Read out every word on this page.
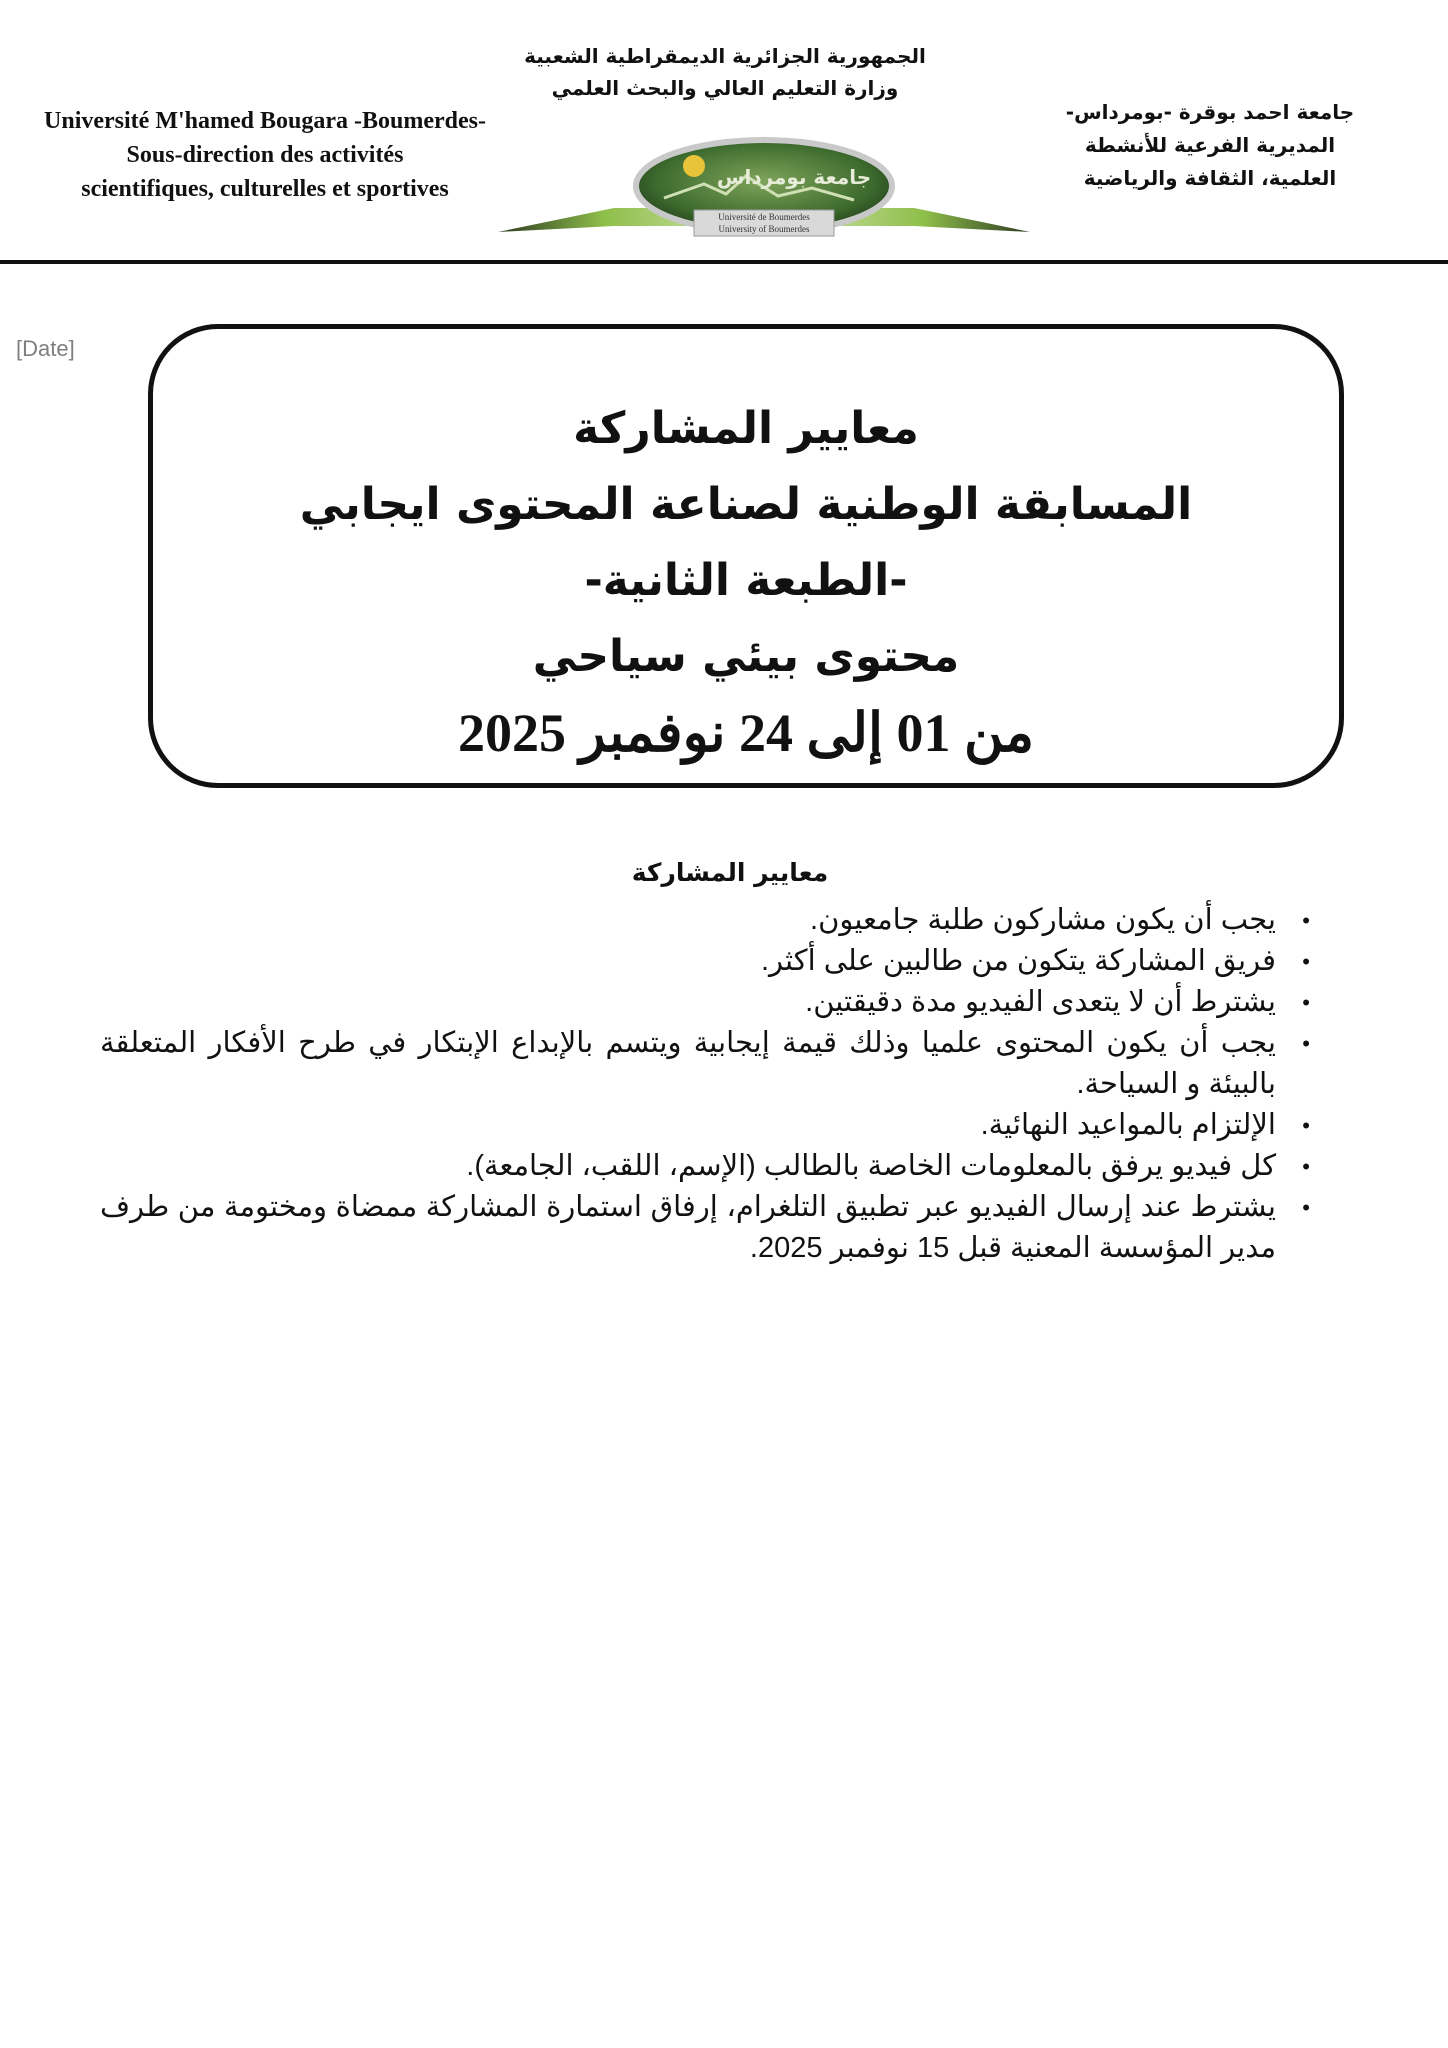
Université M'hamed Bougara -Boumerdes-
Sous-direction des activités
scientifiques, culturelles et sportives
الجمهورية الجزائرية الديمقراطية الشعبية
وزارة التعليم العالي والبحث العلمي
جامعة احمد بوقرة -بومرداس-
المديرية الفرعية للأنشطة
العلمية، الثقافة والرياضية
جامعة بومرداس
Université de Boumerdes
University of Boumerdes
[Date]
معايير المشاركة
المسابقة الوطنية لصناعة المحتوى ايجابي
-الطبعة الثانية-
محتوى بيئي سياحي
من 01 إلى 24 نوفمبر 2025
معايير المشاركة
• يجب أن يكون مشاركون طلبة جامعيون.
• فريق المشاركة يتكون من طالبين على أكثر.
• يشترط أن لا يتعدى الفيديو مدة دقيقتين.
• يجب أن يكون المحتوى علميا وذلك قيمة إيجابية ويتسم بالإبداع الإبتكار في طرح الأفكار المتعلقة بالبيئة و السياحة.
• الإلتزام بالمواعيد النهائية.
• كل فيديو يرفق بالمعلومات الخاصة بالطالب (الإسم، اللقب، الجامعة).
• يشترط عند إرسال الفيديو عبر تطبيق التلغرام، إرفاق استمارة المشاركة ممضاة ومختومة من طرف مدير المؤسسة المعنية قبل 15 نوفمبر 2025.
